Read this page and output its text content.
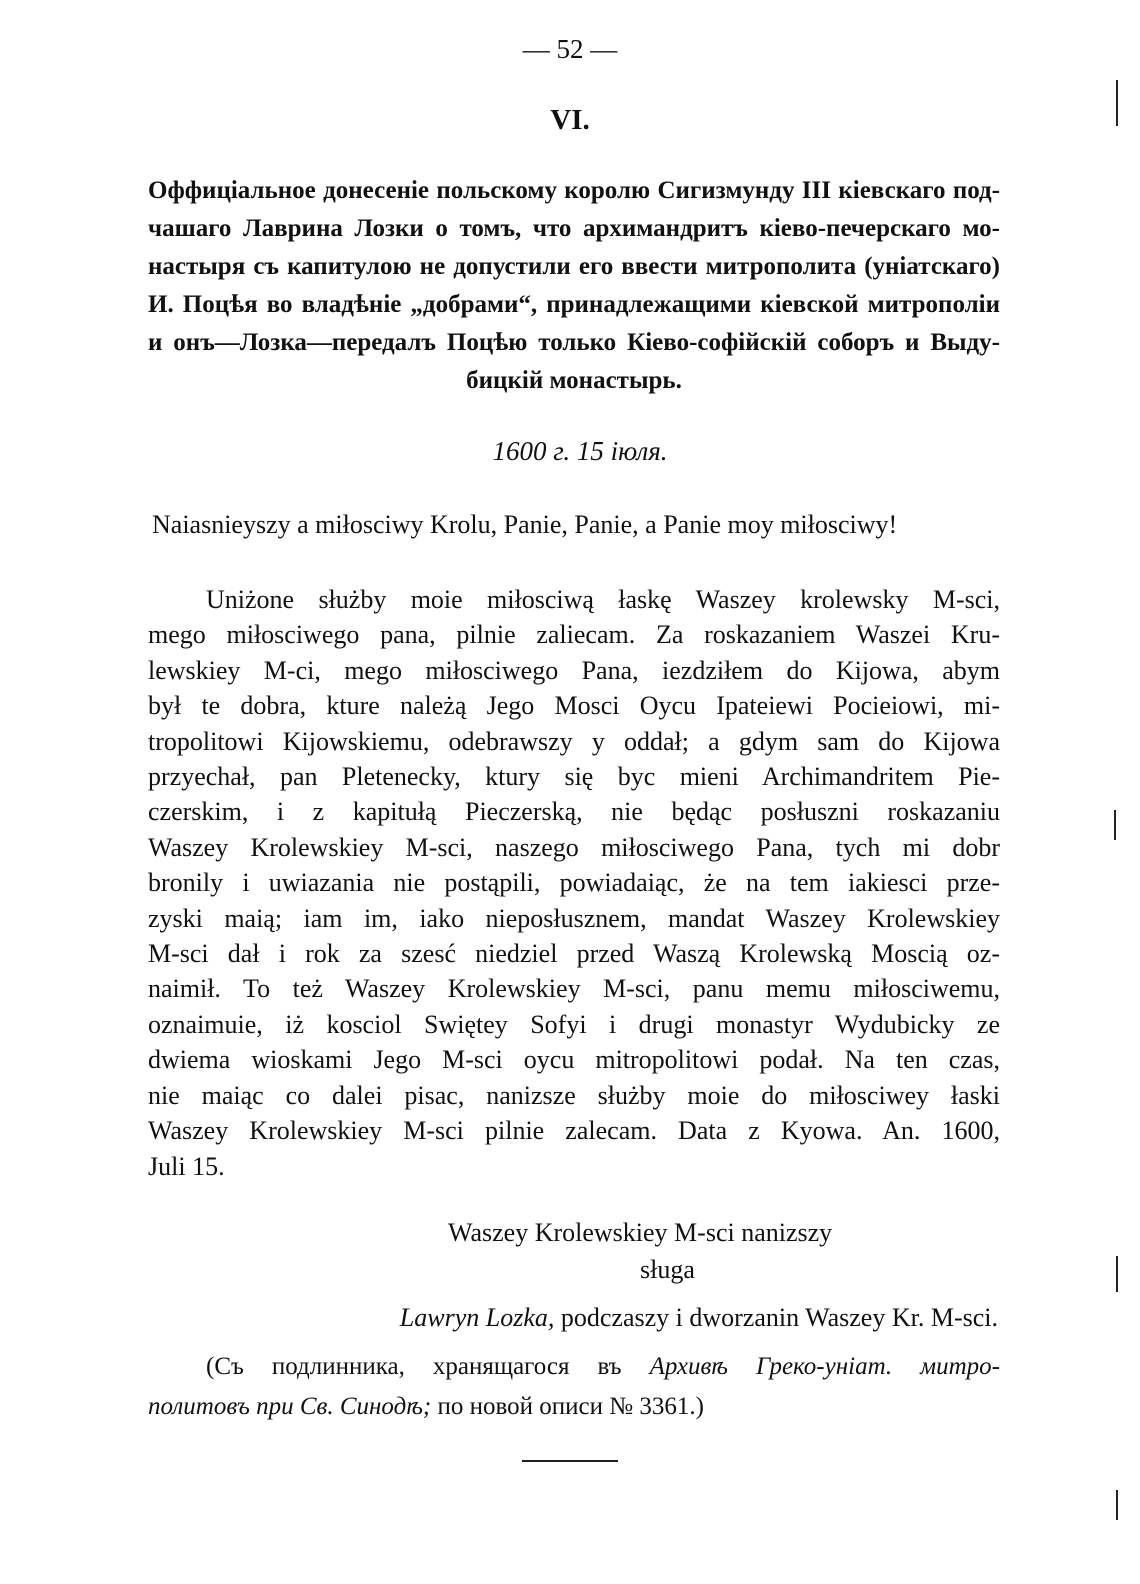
— 52 —
VI.
Оффиціальное донесеніе польскому королю Сигизмунду III кіевскаго под-
чашаго Лаврина Лозки о томъ, что архимандритъ кіево-печерскаго мо-
настыря съ капитулою не допустили его ввести митрополита (уніатскаго)
И. Поцѣя во владѣніе „добрами“, принадлежащими кіевской митрополіи
и онъ—Лозка—передалъ Поцѣю только Кіево-софійскій соборъ и Выду-
бицкій монастырь.
1600 г. 15 іюля.
Naiasnieyszy a miłosciwy Krolu, Panie, Panie, a Panie moy miłosciwy!
Uniżone służby moie miłosciwą łaskę Waszey krolewsky M-sci,
mego miłosciwego pana, pilnie zaliecam. Za roskazaniem Waszei Kru-
lewskiey M-ci, mego miłosciwego Pana, iezdziłem do Kijowa, abym
był te dobra, kture należą Jego Mosci Oycu Ipateiewi Pocieiowi, mi-
tropolitowi Kijowskiemu, odebrawszy y oddał; a gdym sam do Kijowa
przyechał, pan Pletenecky, ktury się byc mieni Archimandritem Pie-
czerskim, i z kapitułą Pieczerską, nie będąc posłuszni roskazaniu
Waszey Krolewskiey M-sci, naszego miłosciwego Pana, tych mi dobr
bronily i uwiazania nie postąpili, powiadaiąc, że na tem iakiesci prze-
zyski maią; iam im, iako nieposłusznem, mandat Waszey Krolewskiey
M-sci dał i rok za szesć niedziel przed Waszą Krolewską Moscią oz-
naimił. To też Waszey Krolewskiey M-sci, panu memu miłosciwemu,
oznaimuie, iż kosciol Swiętey Sofyi i drugi monastyr Wydubicky ze
dwiema wioskami Jego M-sci oycu mitropolitowi podał. Na ten czas,
nie maiąc co dalei pisac, nanizsze służby moie do miłosciwey łaski
Waszey Krolewskiey M-sci pilnie zalecam. Data z Kyowa. An. 1600,
Juli 15.
Waszey Krolewskiey M-sci nanizszy
sługa
Lawryn Lozka, podczaszy i dworzanin Waszey Kr. M-sci.
(Съ подлинника, хранящагося въ Архивѣ Греко-уніат. митро-
политовъ при Св. Синодѣ; по новой описи № 3361.)
